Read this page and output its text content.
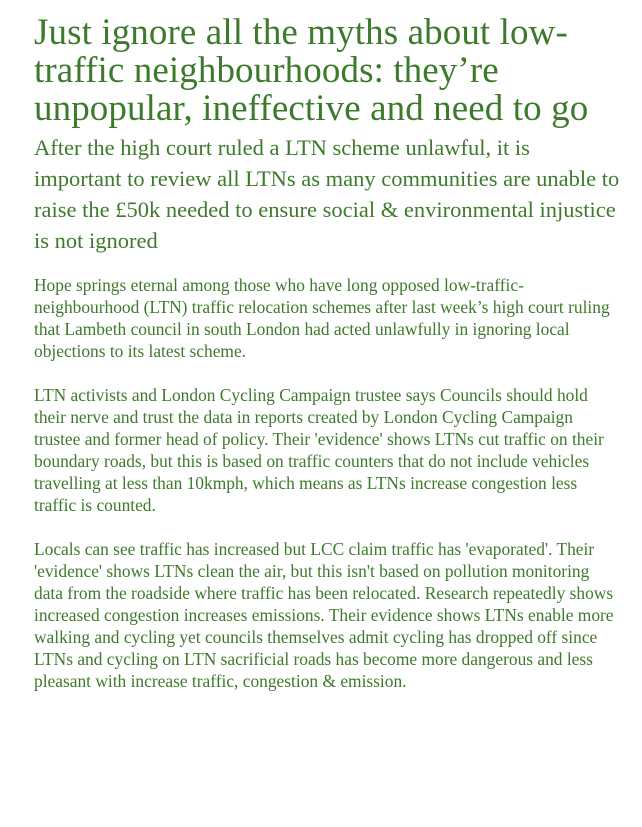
Just ignore all the myths about low-traffic neighbourhoods: they’re unpopular, ineffective and need to go

After the high court ruled a LTN scheme unlawful, it is important to review all LTNs as many communities are unable to raise the £50k needed to ensure social & environmental injustice is not ignored

Hope springs eternal among those who have long opposed low-traffic-neighbourhood (LTN) traffic relocation schemes after last week’s high court ruling that Lambeth council in south London had acted unlawfully in ignoring local objections to its latest scheme.

LTN activists and London Cycling Campaign trustee says Councils should hold their nerve and trust the data in reports created by London Cycling Campaign trustee and former head of policy. Their 'evidence' shows LTNs cut traffic on their boundary roads, but this is based on traffic counters that do not include vehicles travelling at less than 10kmph, which means as LTNs increase congestion less traffic is counted.

Locals can see traffic has increased but LCC claim traffic has 'evaporated'. Their 'evidence' shows LTNs clean the air, but this isn't based on pollution monitoring data from the roadside where traffic has been relocated. Research repeatedly shows increased congestion increases emissions. Their evidence shows LTNs enable more walking and cycling yet councils themselves admit cycling has dropped off since LTNs and cycling on LTN sacrificial roads has become more dangerous and less pleasant with increase traffic, congestion & emission.
